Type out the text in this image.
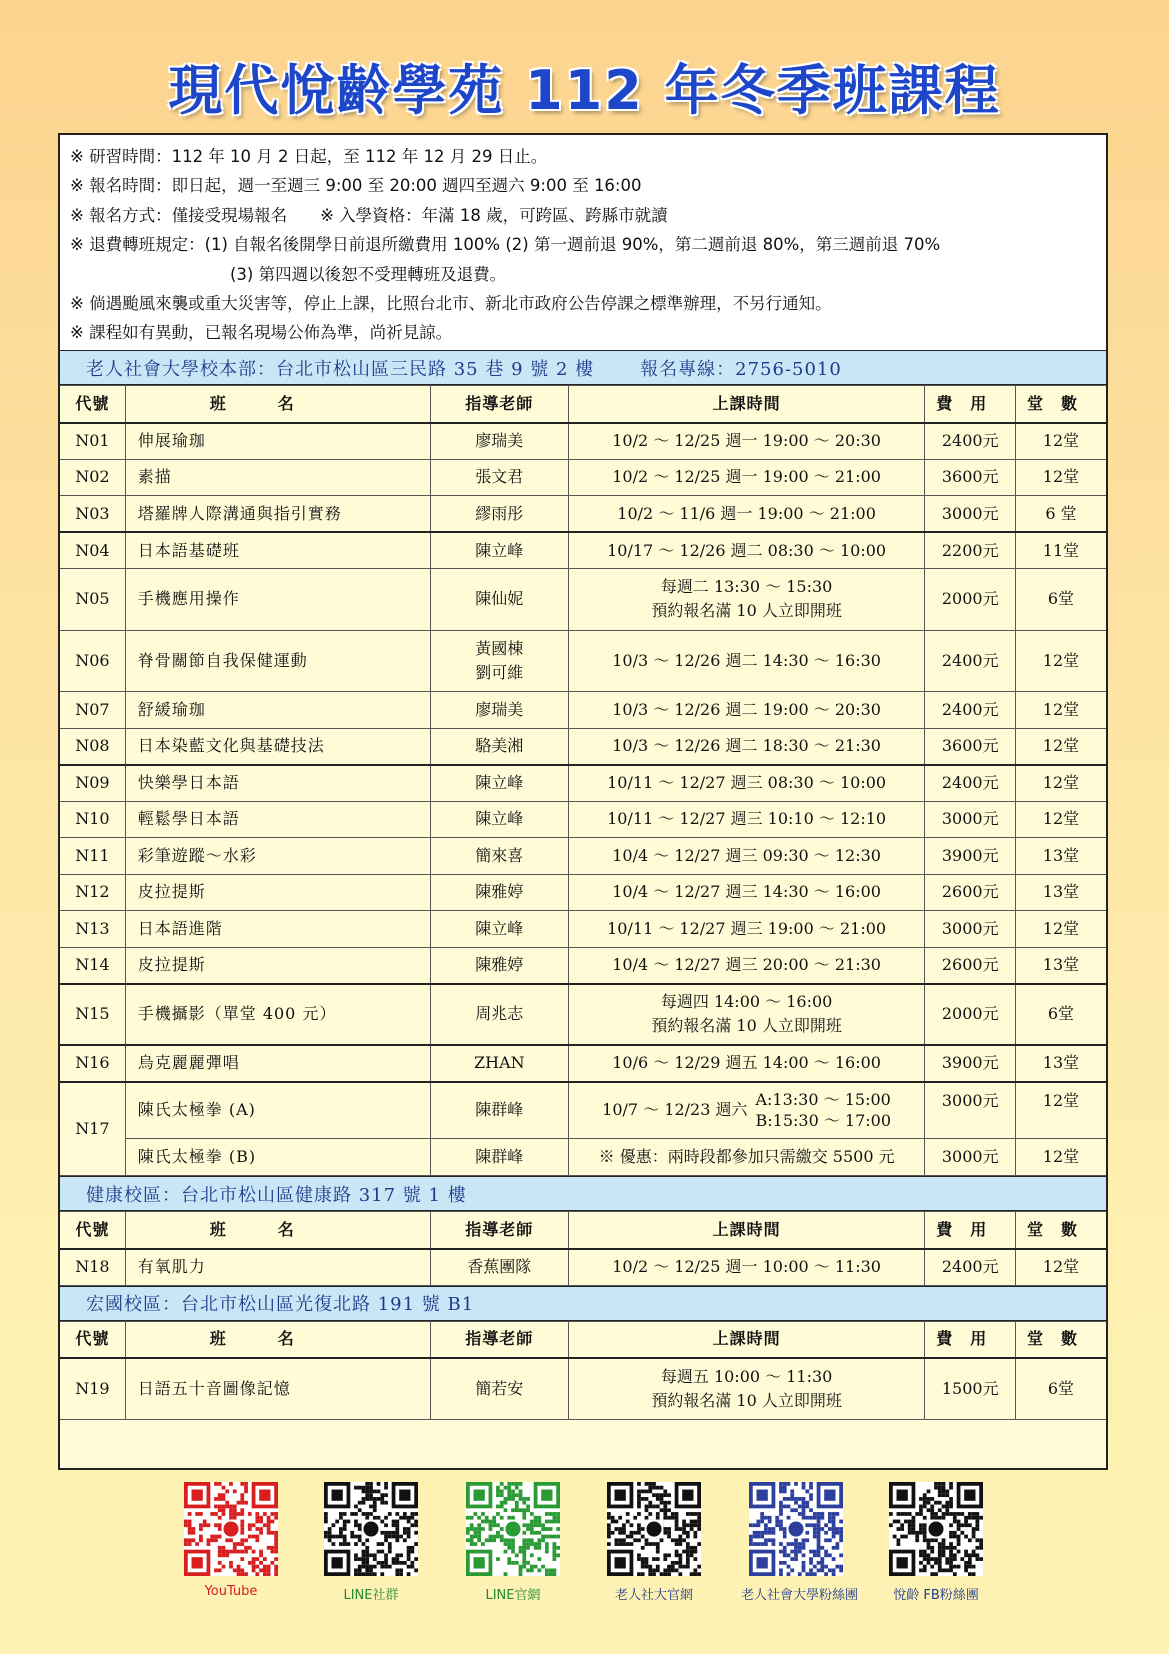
現代悅齡學苑 112 年冬季班課程
※ 研習時間：112 年 10 月 2 日起，至 112 年 12 月 29 日止。
※ 報名時間：即日起，週一至週三 9:00 至 20:00 週四至週六 9:00 至 16:00
※ 報名方式：僅接受現場報名　　※ 入學資格：年滿 18 歲，可跨區、跨縣市就讀
※ 退費轉班規定：(1) 自報名後開學日前退所繳費用 100% (2) 第一週前退 90%，第二週前退 80%，第三週前退 70%
(3) 第四週以後恕不受理轉班及退費。
※ 倘遇颱風來襲或重大災害等，停止上課，比照台北市、新北市政府公告停課之標準辦理，不另行通知。
※ 課程如有異動，已報名現場公佈為準，尚祈見諒。
老人社會大學校本部：台北市松山區三民路 35 巷 9 號 2 樓	報名專線：2756-5010
代號	班名	指導老師	上課時間	費用	堂數
N01	伸展瑜珈	廖瑞美	10/2 ～ 12/25 週一 19:00 ～ 20:30	2400元	12堂
N02	素描	張文君	10/2 ～ 12/25 週一 19:00 ～ 21:00	3600元	12堂
N03	塔羅牌人際溝通與指引實務	繆雨彤	10/2 ～ 11/6 週一 19:00 ～ 21:00	3000元	6 堂
N04	日本語基礎班	陳立峰	10/17 ～ 12/26 週二 08:30 ～ 10:00	2200元	11堂
N05	手機應用操作	陳仙妮	每週二 13:30 ～ 15:30
預約報名滿 10 人立即開班	2000元	6堂
N06	脊骨關節自我保健運動	黃國棟
劉可維	10/3 ～ 12/26 週二 14:30 ～ 16:30	2400元	12堂
N07	舒緩瑜珈	廖瑞美	10/3 ～ 12/26 週二 19:00 ～ 20:30	2400元	12堂
N08	日本染藍文化與基礎技法	駱美湘	10/3 ～ 12/26 週二 18:30 ～ 21:30	3600元	12堂
N09	快樂學日本語	陳立峰	10/11 ～ 12/27 週三 08:30 ～ 10:00	2400元	12堂
N10	輕鬆學日本語	陳立峰	10/11 ～ 12/27 週三 10:10 ～ 12:10	3000元	12堂
N11	彩筆遊蹤～水彩	簡來喜	10/4 ～ 12/27 週三 09:30 ～ 12:30	3900元	13堂
N12	皮拉提斯	陳雅婷	10/4 ～ 12/27 週三 14:30 ～ 16:00	2600元	13堂
N13	日本語進階	陳立峰	10/11 ～ 12/27 週三 19:00 ～ 21:00	3000元	12堂
N14	皮拉提斯	陳雅婷	10/4 ～ 12/27 週三 20:00 ～ 21:30	2600元	13堂
N15	手機攝影（單堂 400 元）	周兆志	每週四 14:00 ～ 16:00
預約報名滿 10 人立即開班	2000元	6堂
N16	烏克麗麗彈唱	ZHAN	10/6 ～ 12/29 週五 14:00 ～ 16:00	3900元	13堂
N17	陳氏太極拳 (A)	陳群峰	10/7 ～ 12/23 週六
A:13:30 ～ 15:00
B:15:30 ～ 17:00	3000元	12堂
	陳氏太極拳 (B)	陳群峰	※ 優惠：兩時段都參加只需繳交 5500 元	3000元	12堂
健康校區：台北市松山區健康路 317 號 1 樓
代號	班名	指導老師	上課時間	費用	堂數
N18	有氧肌力	香蕉團隊	10/2 ～ 12/25 週一 10:00 ～ 11:30	2400元	12堂
宏國校區：台北市松山區光復北路 191 號 B1
代號	班名	指導老師	上課時間	費用	堂數
N19	日語五十音圖像記憶	簡若安	每週五 10:00 ～ 11:30
預約報名滿 10 人立即開班	1500元	6堂
YouTube	LINE社群	LINE官網	老人社大官網	老人社會大學粉絲團	悅齡 FB粉絲團
